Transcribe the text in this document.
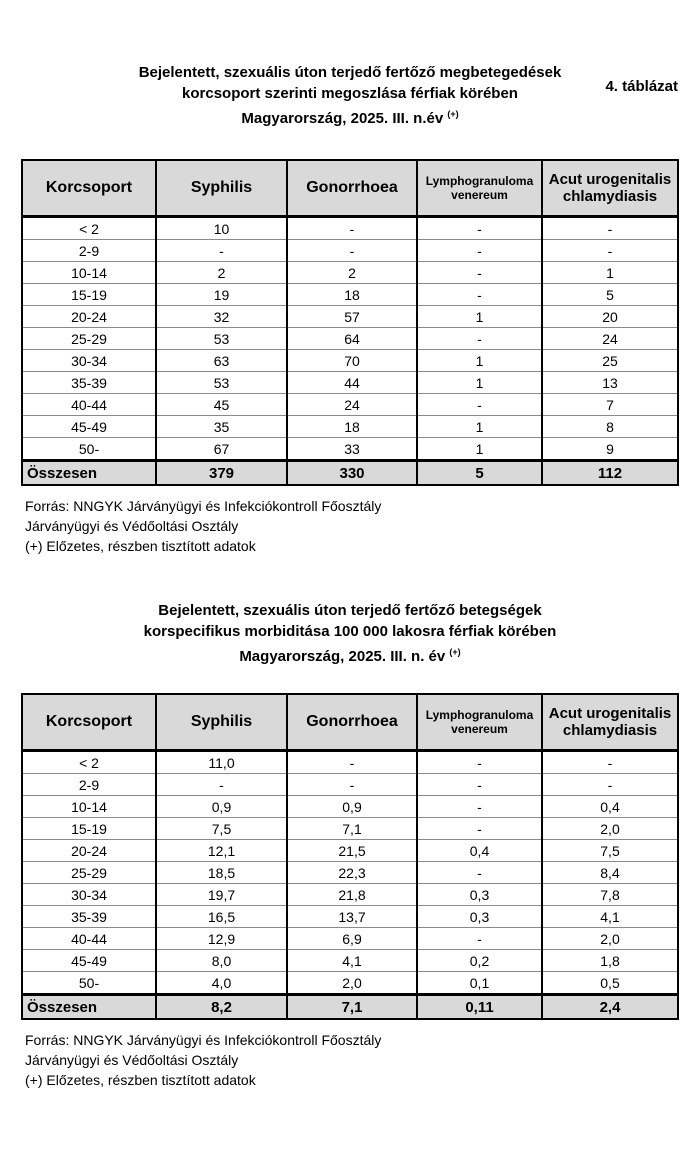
4. táblázat
Bejelentett, szexuális úton terjedő fertőző megbetegedések
korcsoport szerinti megoszlása férfiak körében
Magyarország, 2025. III. n.év (+)
Korcsoport	Syphilis	Gonorrhoea	Lymphogranuloma venereum	Acut urogenitalis chlamydiasis
< 2	10	-	-	-
2-9	-	-	-	-
10-14	2	2	-	1
15-19	19	18	-	5
20-24	32	57	1	20
25-29	53	64	-	24
30-34	63	70	1	25
35-39	53	44	1	13
40-44	45	24	-	7
45-49	35	18	1	8
50-	67	33	1	9
Összesen	379	330	5	112
Forrás: NNGYK Járványügyi és Infekciókontroll Főosztály
Járványügyi és Védőoltási Osztály
(+) Előzetes, részben tisztított adatok
Bejelentett, szexuális úton terjedő fertőző betegségek
korspecifikus morbiditása 100 000 lakosra férfiak körében
Magyarország, 2025. III. n. év (+)
Korcsoport	Syphilis	Gonorrhoea	Lymphogranuloma venereum	Acut urogenitalis chlamydiasis
< 2	11,0	-	-	-
2-9	-	-	-	-
10-14	0,9	0,9	-	0,4
15-19	7,5	7,1	-	2,0
20-24	12,1	21,5	0,4	7,5
25-29	18,5	22,3	-	8,4
30-34	19,7	21,8	0,3	7,8
35-39	16,5	13,7	0,3	4,1
40-44	12,9	6,9	-	2,0
45-49	8,0	4,1	0,2	1,8
50-	4,0	2,0	0,1	0,5
Összesen	8,2	7,1	0,11	2,4
Forrás: NNGYK Járványügyi és Infekciókontroll Főosztály
Járványügyi és Védőoltási Osztály
(+) Előzetes, részben tisztított adatok
